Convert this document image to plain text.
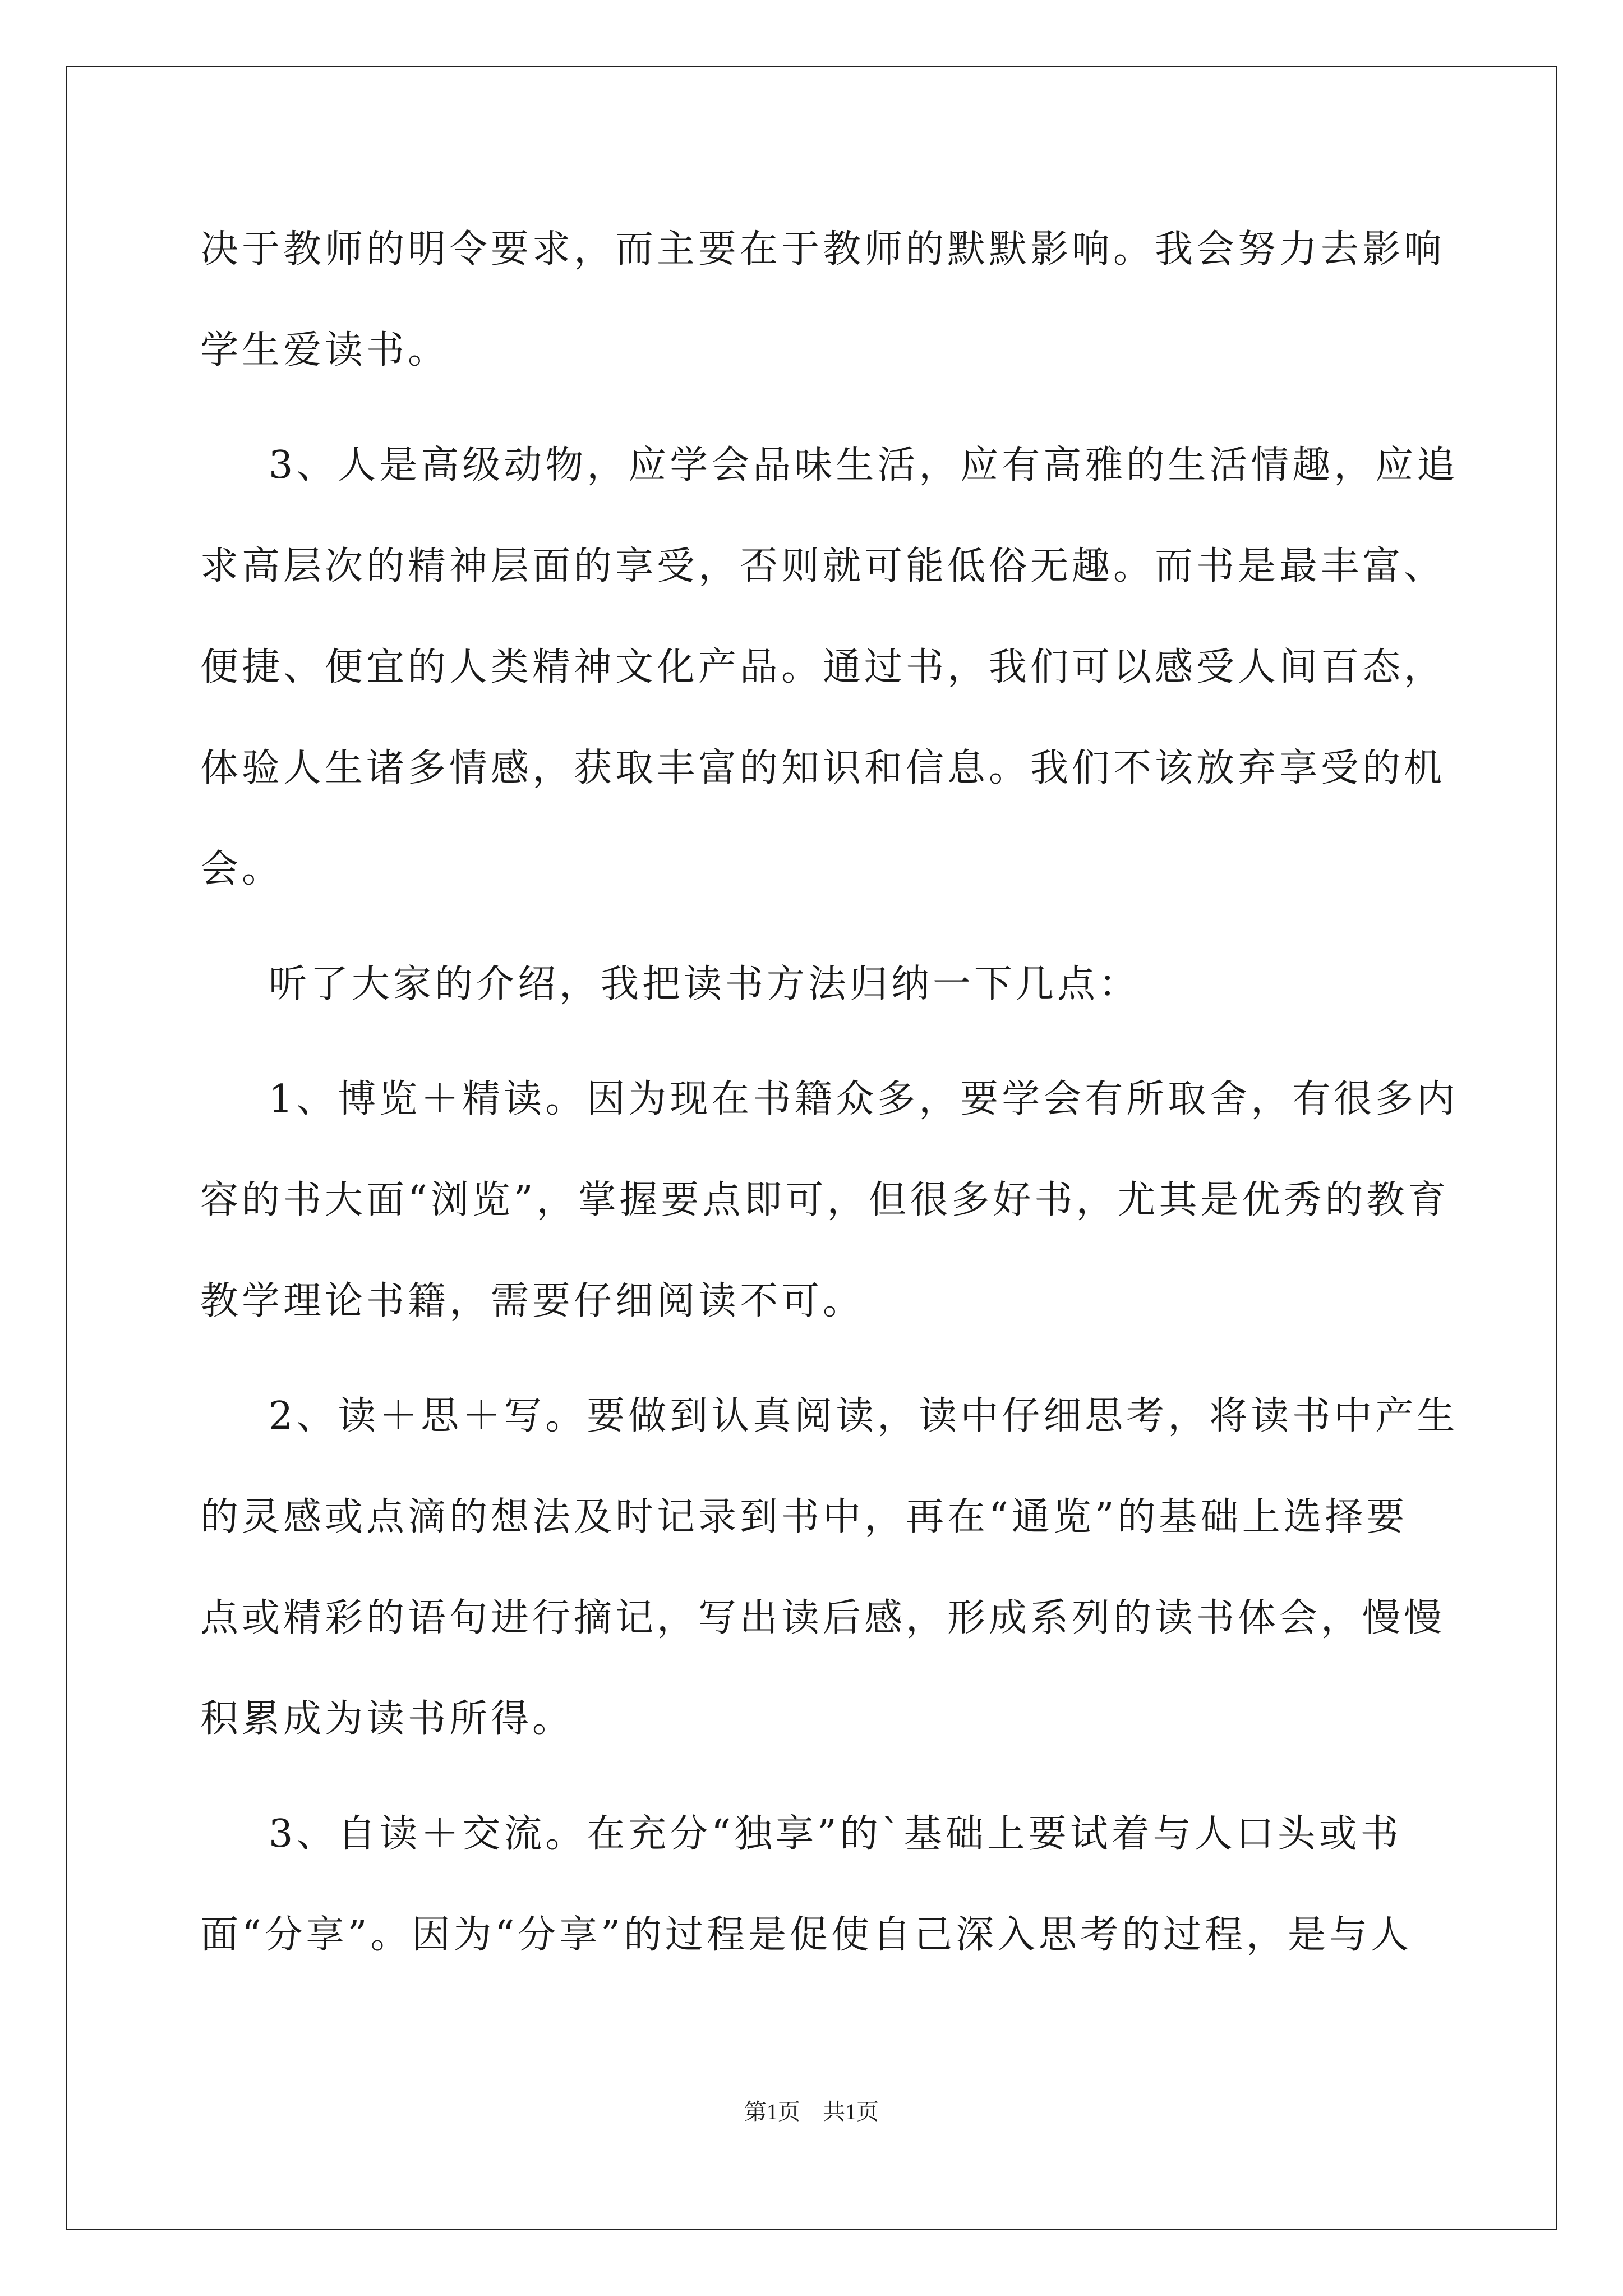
决于教师的明令要求，而主要在于教师的默默影响。我会努力去影响
学生爱读书。
3、人是高级动物，应学会品味生活，应有高雅的生活情趣，应追
求高层次的精神层面的享受，否则就可能低俗无趣。而书是最丰富、
便捷、便宜的人类精神文化产品。通过书，我们可以感受人间百态，
体验人生诸多情感，获取丰富的知识和信息。我们不该放弃享受的机
会。
听了大家的介绍，我把读书方法归纳一下几点：
1、博览＋精读。因为现在书籍众多，要学会有所取舍，有很多内
容的书大面“浏览”，掌握要点即可，但很多好书，尤其是优秀的教育
教学理论书籍，需要仔细阅读不可。
2、读＋思＋写。要做到认真阅读，读中仔细思考，将读书中产生
的灵感或点滴的想法及时记录到书中，再在“通览”的基础上选择要
点或精彩的语句进行摘记，写出读后感，形成系列的读书体会，慢慢
积累成为读书所得。
3、自读＋交流。在充分“独享”的`基础上要试着与人口头或书
面“分享”。因为“分享”的过程是促使自己深入思考的过程，是与人
第1页　共1页
